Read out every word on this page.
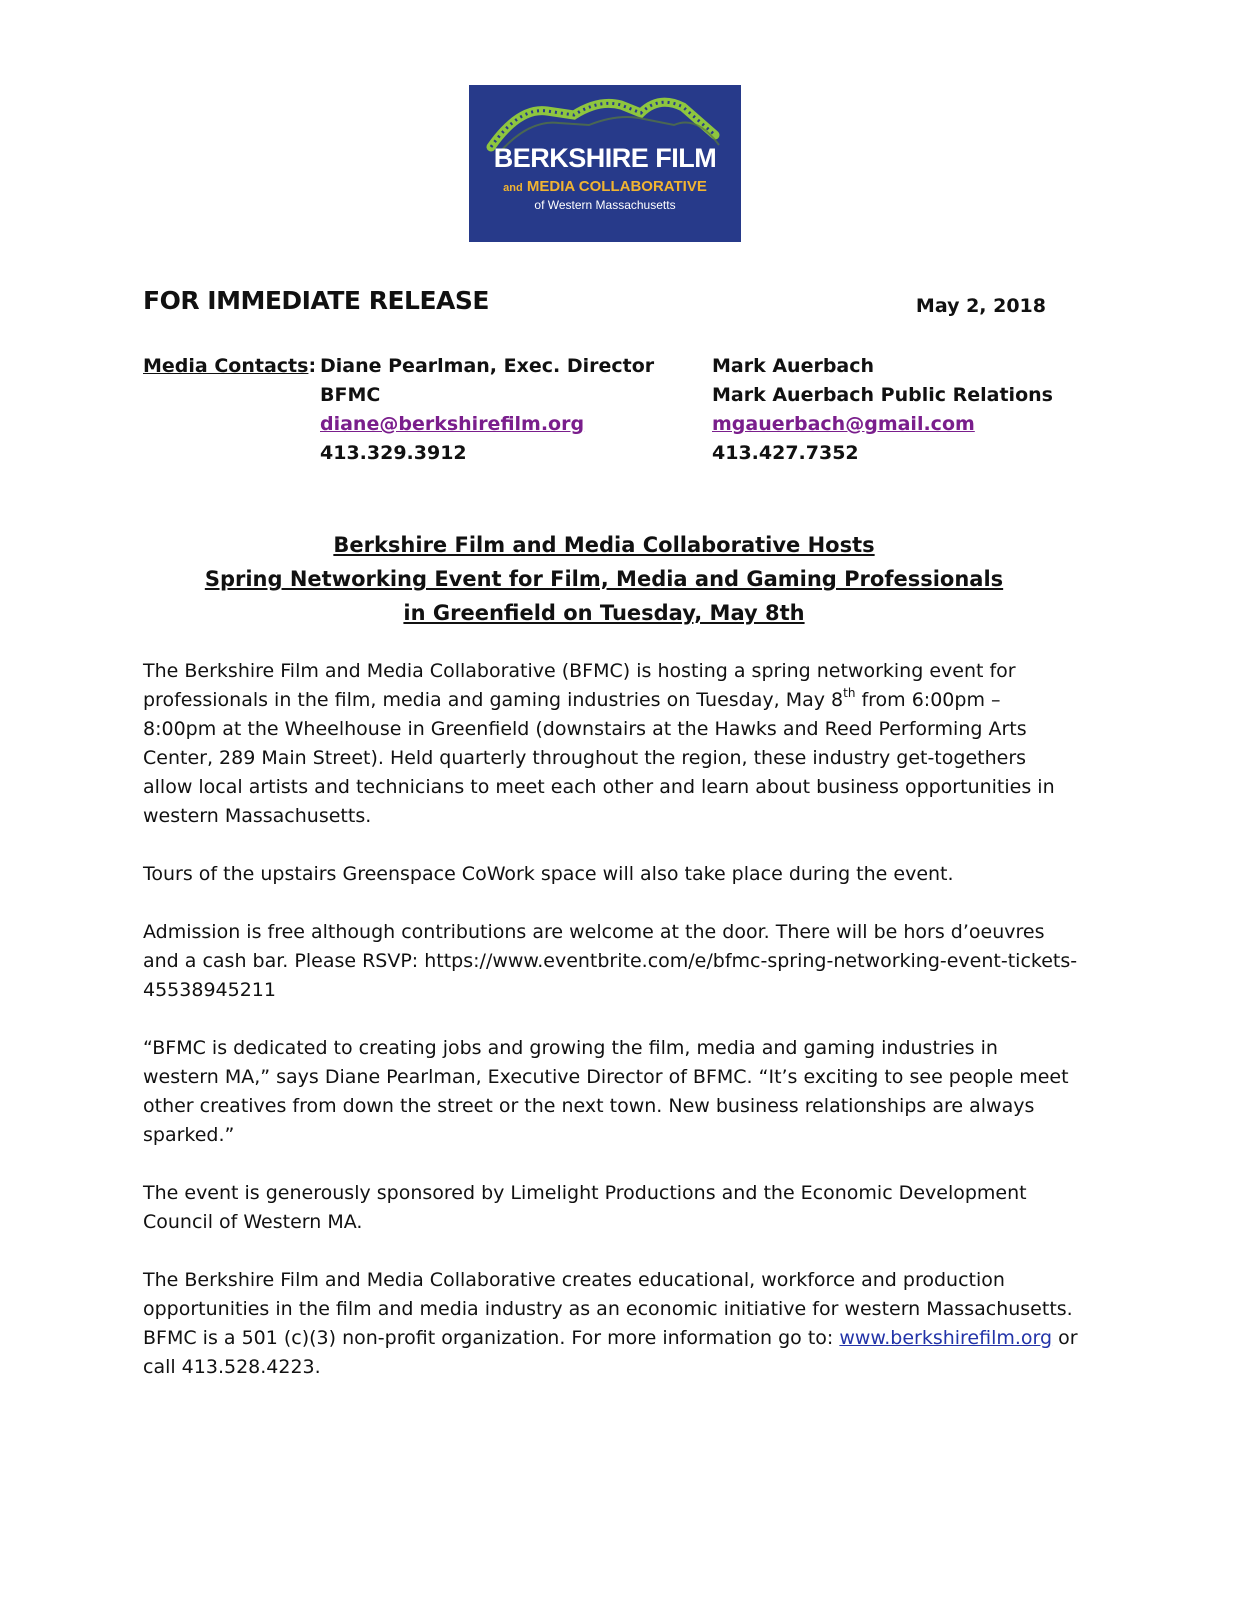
BERKSHIRE FILM
and MEDIA COLLABORATIVE
of Western Massachusetts
FOR IMMEDIATE RELEASE	May 2, 2018
Media Contacts: Diane Pearlman, Exec. Director
BFMC
diane@berkshirefilm.org
413.329.3912
Mark Auerbach
Mark Auerbach Public Relations
mgauerbach@gmail.com
413.427.7352
Berkshire Film and Media Collaborative Hosts
Spring Networking Event for Film, Media and Gaming Professionals
in Greenfield on Tuesday, May 8th

The Berkshire Film and Media Collaborative (BFMC) is hosting a spring networking event for professionals in the film, media and gaming industries on Tuesday, May 8th from 6:00pm – 8:00pm at the Wheelhouse in Greenfield (downstairs at the Hawks and Reed Performing Arts Center, 289 Main Street). Held quarterly throughout the region, these industry get-togethers allow local artists and technicians to meet each other and learn about business opportunities in western Massachusetts.

Tours of the upstairs Greenspace CoWork space will also take place during the event.

Admission is free although contributions are welcome at the door. There will be hors d’oeuvres and a cash bar. Please RSVP: https://www.eventbrite.com/e/bfmc-spring-networking-event-tickets-45538945211

“BFMC is dedicated to creating jobs and growing the film, media and gaming industries in western MA,” says Diane Pearlman, Executive Director of BFMC. “It’s exciting to see people meet other creatives from down the street or the next town. New business relationships are always sparked.”

The event is generously sponsored by Limelight Productions and the Economic Development Council of Western MA.

The Berkshire Film and Media Collaborative creates educational, workforce and production opportunities in the film and media industry as an economic initiative for western Massachusetts. BFMC is a 501 (c)(3) non-profit organization. For more information go to: www.berkshirefilm.org or call 413.528.4223.
